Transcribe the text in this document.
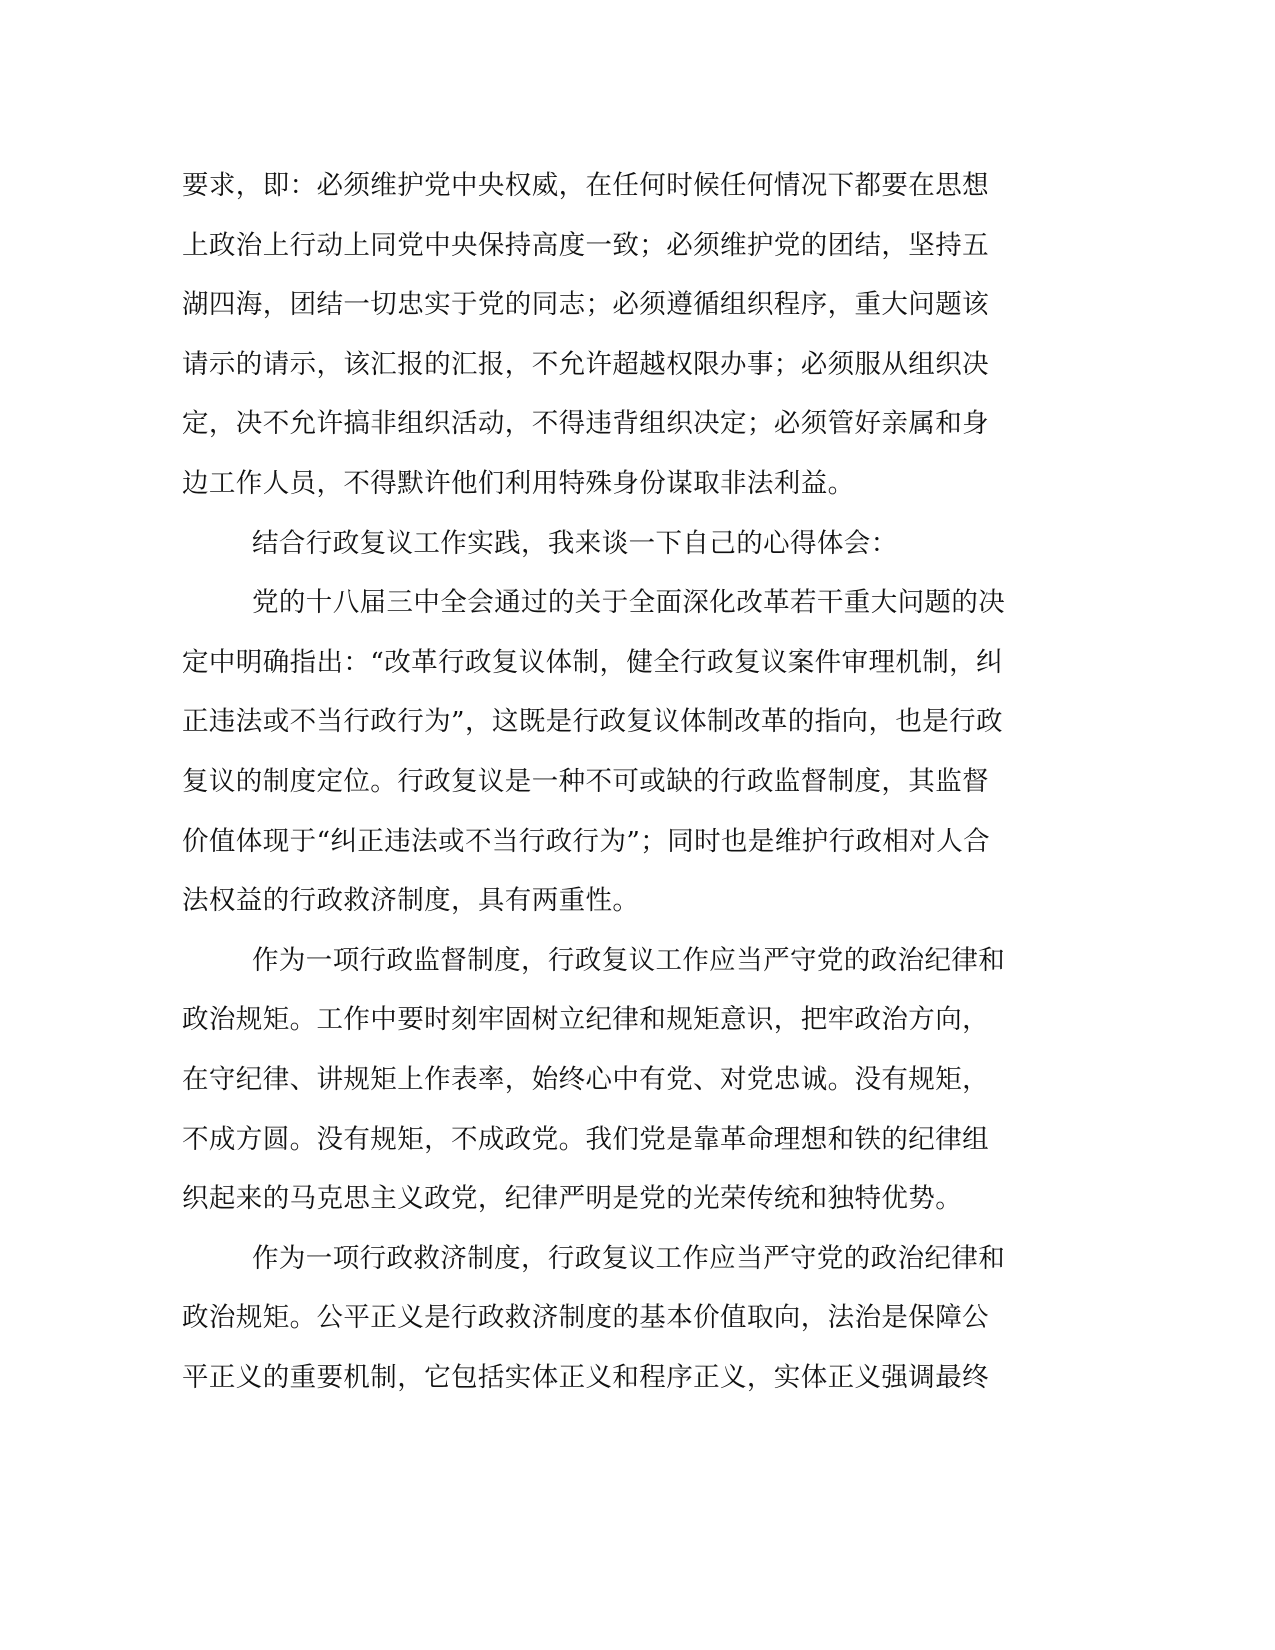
要求，即：必须维护党中央权威，在任何时候任何情况下都要在思想
上政治上行动上同党中央保持高度一致；必须维护党的团结，坚持五
湖四海，团结一切忠实于党的同志；必须遵循组织程序，重大问题该
请示的请示，该汇报的汇报，不允许超越权限办事；必须服从组织决
定，决不允许搞非组织活动，不得违背组织决定；必须管好亲属和身
边工作人员，不得默许他们利用特殊身份谋取非法利益。
结合行政复议工作实践，我来谈一下自己的心得体会：
党的十八届三中全会通过的关于全面深化改革若干重大问题的决
定中明确指出：“改革行政复议体制，健全行政复议案件审理机制，纠
正违法或不当行政行为”，这既是行政复议体制改革的指向，也是行政
复议的制度定位。行政复议是一种不可或缺的行政监督制度，其监督
价值体现于“纠正违法或不当行政行为”；同时也是维护行政相对人合
法权益的行政救济制度，具有两重性。
作为一项行政监督制度，行政复议工作应当严守党的政治纪律和
政治规矩。工作中要时刻牢固树立纪律和规矩意识，把牢政治方向，
在守纪律、讲规矩上作表率，始终心中有党、对党忠诚。没有规矩，
不成方圆。没有规矩，不成政党。我们党是靠革命理想和铁的纪律组
织起来的马克思主义政党，纪律严明是党的光荣传统和独特优势。
作为一项行政救济制度，行政复议工作应当严守党的政治纪律和
政治规矩。公平正义是行政救济制度的基本价值取向，法治是保障公
平正义的重要机制，它包括实体正义和程序正义，实体正义强调最终
